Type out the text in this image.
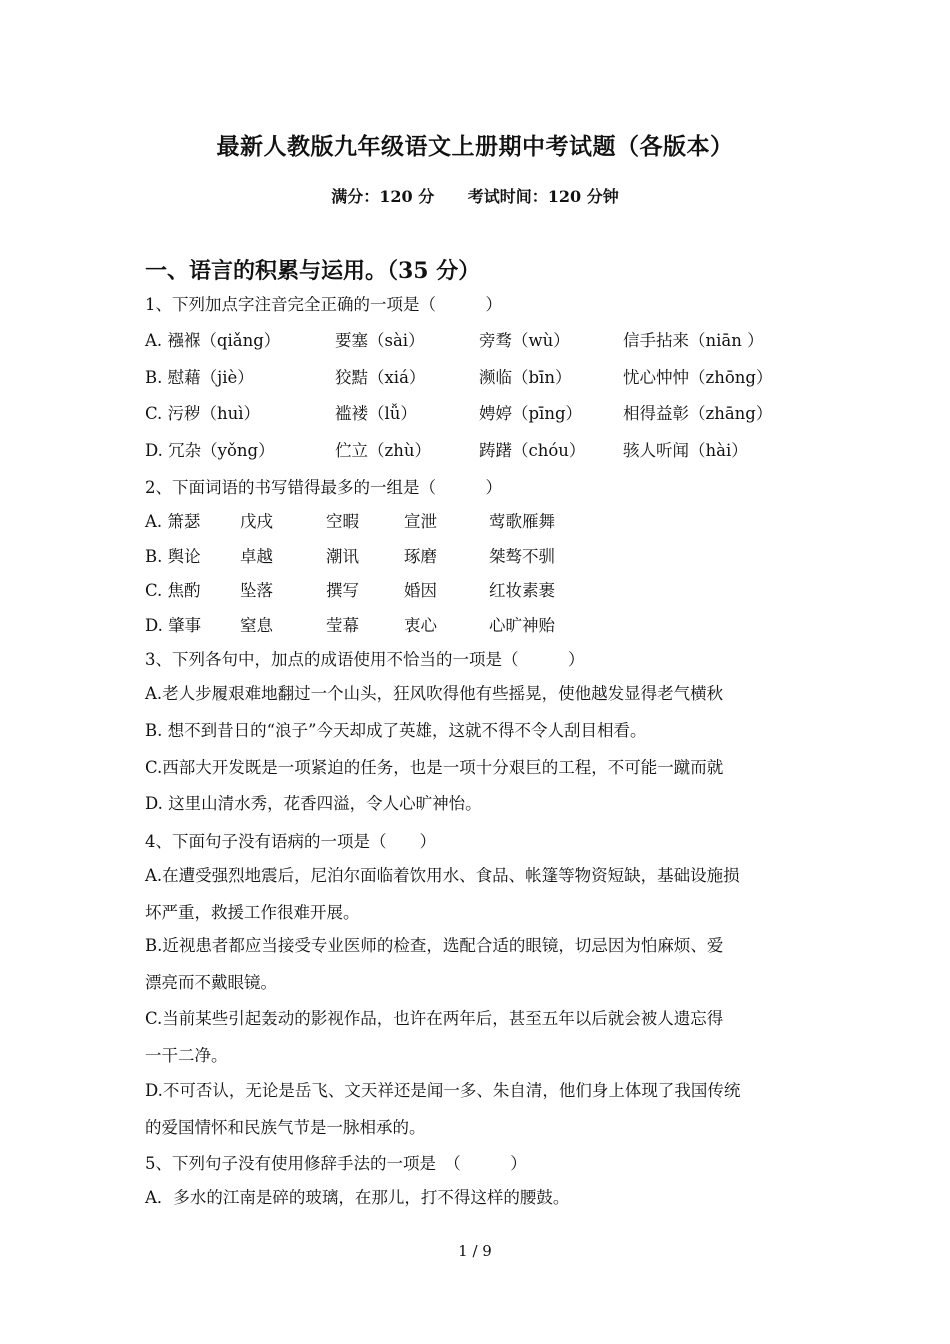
最新人教版九年级语文上册期中考试题（各版本）
满分：120 分 考试时间：120 分钟
一、语言的积累与运用。（35 分）
1、下列加点字注音完全正确的一项是（　　　）
A. 襁褓（qiǎng）	要塞（sài）	旁骛（wù）	信手拈来（niān ）
B. 慰藉（jiè）	狡黠（xiá）	濒临（bīn）	忧心忡忡（zhōng）
C. 污秽（huì）	褴褛（lǚ）	娉婷（pīng） 相得益彰（zhāng）
D. 冗杂（yǒng）	伫立（zhù）	踌躇（chóu） 骇人听闻（hài）
2、下面词语的书写错得最多的一组是（　　　）
A. 箫瑟 戊戌	空暇	宣泄	莺歌雁舞
B. 舆论 卓越	潮讯	琢磨	桀骜不驯
C. 焦酌 坠落	撰写	婚因	红妆素裹
D. 肇事 窒息	莹幕	衷心	心旷神贻
3、下列各句中，加点的成语使用不恰当的一项是（　　　）
A.老人步履艰难地翻过一个山头，狂风吹得他有些摇晃，使他越发显得老气横秋
B. 想不到昔日的“浪子”今天却成了英雄，这就不得不令人刮目相看。
C.西部大开发既是一项紧迫的任务，也是一项十分艰巨的工程，不可能一蹴而就
D. 这里山清水秀，花香四溢，令人心旷神怡。
4、下面句子没有语病的一项是（　　）
A.在遭受强烈地震后，尼泊尔面临着饮用水、食品、帐篷等物资短缺，基础设施损
坏严重，救援工作很难开展。
B.近视患者都应当接受专业医师的检查，选配合适的眼镜，切忌因为怕麻烦、爱
漂亮而不戴眼镜。
C.当前某些引起轰动的影视作品，也许在两年后，甚至五年以后就会被人遗忘得
一干二净。
D.不可否认，无论是岳飞、文天祥还是闻一多、朱自清，他们身上体现了我国传统
的爱国情怀和民族气节是一脉相承的。
5、下列句子没有使用修辞手法的一项是　（　　　）
A．多水的江南是碎的玻璃，在那儿，打不得这样的腰鼓。
1 / 9
